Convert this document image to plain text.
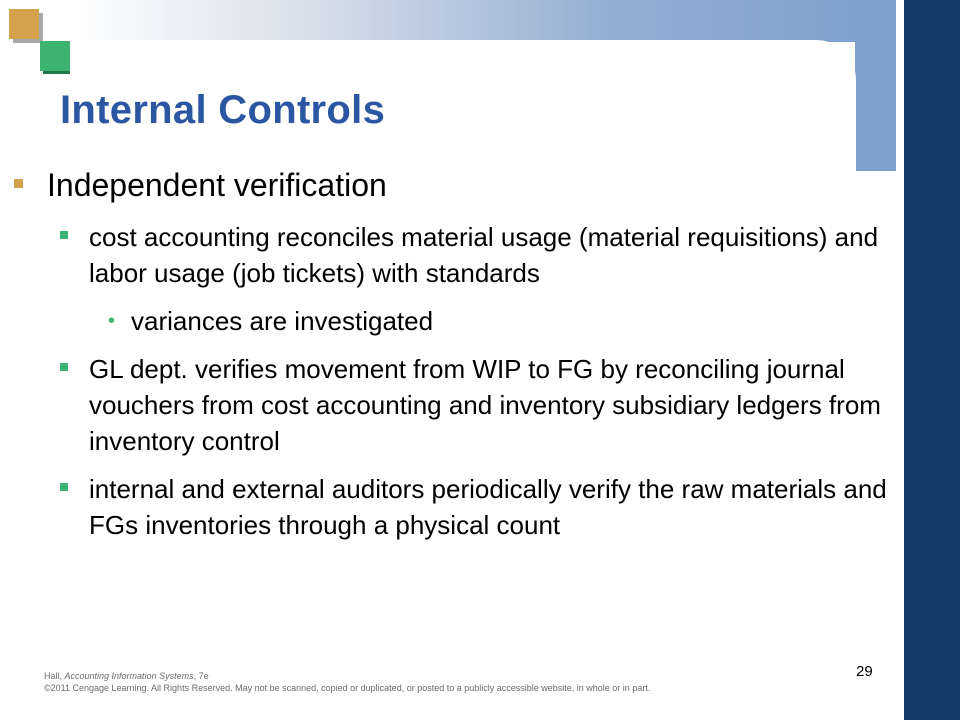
Internal Controls
Independent verification
cost accounting reconciles material usage (material requisitions) and labor usage (job tickets) with standards
• variances are investigated
GL dept. verifies movement from WIP to FG by reconciling journal vouchers from cost accounting and inventory subsidiary ledgers from inventory control
internal and external auditors periodically verify the raw materials and FGs inventories through a physical count
Hall, Accounting Information Systems, 7e
©2011 Cengage Learning. All Rights Reserved. May not be scanned, copied or duplicated, or posted to a publicly accessible website, in whole or in part.
29
